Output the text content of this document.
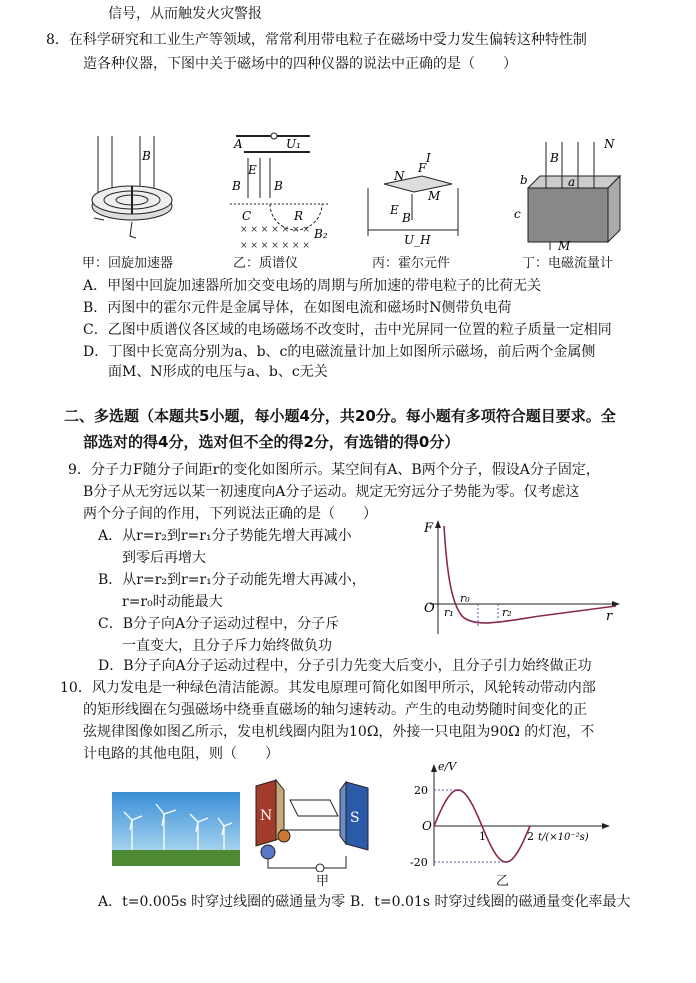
信号，从而触发火灾警报
8．在科学研究和工业生产等领域，常常利用带电粒子在磁场中受力发生偏转这种特性制
造各种仪器，下图中关于磁场中的四种仪器的说法中正确的是（　　）
B
A	U₁
E
B	B
C	R
B₂
× × × × × × ×
× × × × × × ×
I
F
N
M
E
B
U_H
B
N
b	a
c
M
甲：回旋加速器	乙：质谱仪	丙：霍尔元件	丁：电磁流量计
A．甲图中回旋加速器所加交变电场的周期与所加速的带电粒子的比荷无关
B．丙图中的霍尔元件是金属导体，在如图电流和磁场时N侧带负电荷
C．乙图中质谱仪各区域的电场磁场不改变时，击中光屏同一位置的粒子质量一定相同
D．丁图中长宽高分别为a、b、c的电磁流量计加上如图所示磁场，前后两个金属侧
面M、N形成的电压与a、b、c无关
二、多选题（本题共5小题，每小题4分，共20分。每小题有多项符合题目要求。全
部选对的得4分，选对但不全的得2分，有选错的得0分）
9．分子力F随分子间距r的变化如图所示。某空间有A、B两个分子，假设A分子固定，
B分子从无穷远以某一初速度向A分子运动。规定无穷远分子势能为零。仅考虑这
两个分子间的作用，下列说法正确的是（　　）
A．从r=r₂到r=r₁分子势能先增大再减小
到零后再增大
B．从r=r₂到r=r₁分子动能先增大再减小，
r=r₀时动能最大
C．B分子向A分子运动过程中，分子斥
一直变大，且分子斥力始终做负功
D．B分子向A分子运动过程中，分子引力先变大后变小，且分子引力始终做正功
F
r
O
r₀
r₁	r₂
10．风力发电是一种绿色清洁能源。其发电原理可简化如图甲所示，风轮转动带动内部
的矩形线圈在匀强磁场中绕垂直磁场的轴匀速转动。产生的电动势随时间变化的正
弦规律图像如图乙所示，发电机线圈内阻为10Ω，外接一只电阻为90Ω 的灯泡，不
计电路的其他电阻，则（　　）
N	S
甲
20
-20
1	2
O
e/V
t/(×10⁻²s)
乙
A．t=0.005s 时穿过线圈的磁通量为零 B．t=0.01s 时穿过线圈的磁通量变化率最大
